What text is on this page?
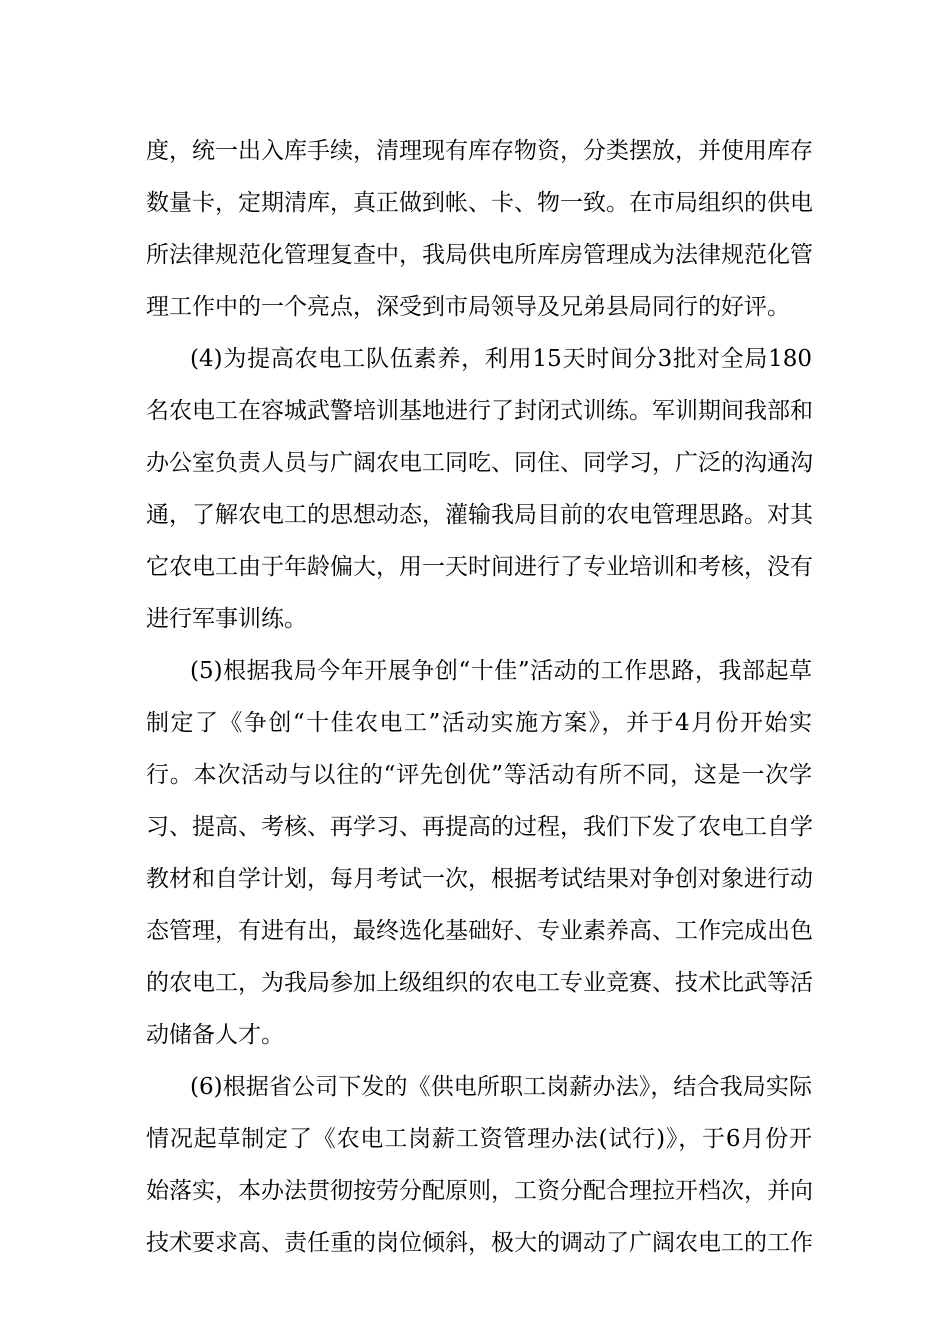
度，统一出入库手续，清理现有库存物资，分类摆放，并使用库存
数量卡，定期清库，真正做到帐、卡、物一致。在市局组织的供电
所法律规范化管理复查中，我局供电所库房管理成为法律规范化管
理工作中的一个亮点，深受到市局领导及兄弟县局同行的好评。
(4)为提高农电工队伍素养，利用15天时间分3批对全局180
名农电工在容城武警培训基地进行了封闭式训练。军训期间我部和
办公室负责人员与广阔农电工同吃、同住、同学习，广泛的沟通沟
通，了解农电工的思想动态，灌输我局目前的农电管理思路。对其
它农电工由于年龄偏大，用一天时间进行了专业培训和考核，没有
进行军事训练。
(5)根据我局今年开展争创“十佳”活动的工作思路，我部起草
制定了《争创“十佳农电工”活动实施方案》，并于4月份开始实
行。本次活动与以往的“评先创优”等活动有所不同，这是一次学
习、提高、考核、再学习、再提高的过程，我们下发了农电工自学
教材和自学计划，每月考试一次，根据考试结果对争创对象进行动
态管理，有进有出，最终选化基础好、专业素养高、工作完成出色
的农电工，为我局参加上级组织的农电工专业竞赛、技术比武等活
动储备人才。
(6)根据省公司下发的《供电所职工岗薪办法》，结合我局实际
情况起草制定了《农电工岗薪工资管理办法(试行)》，于6月份开
始落实，本办法贯彻按劳分配原则，工资分配合理拉开档次，并向
技术要求高、责任重的岗位倾斜，极大的调动了广阔农电工的工作
